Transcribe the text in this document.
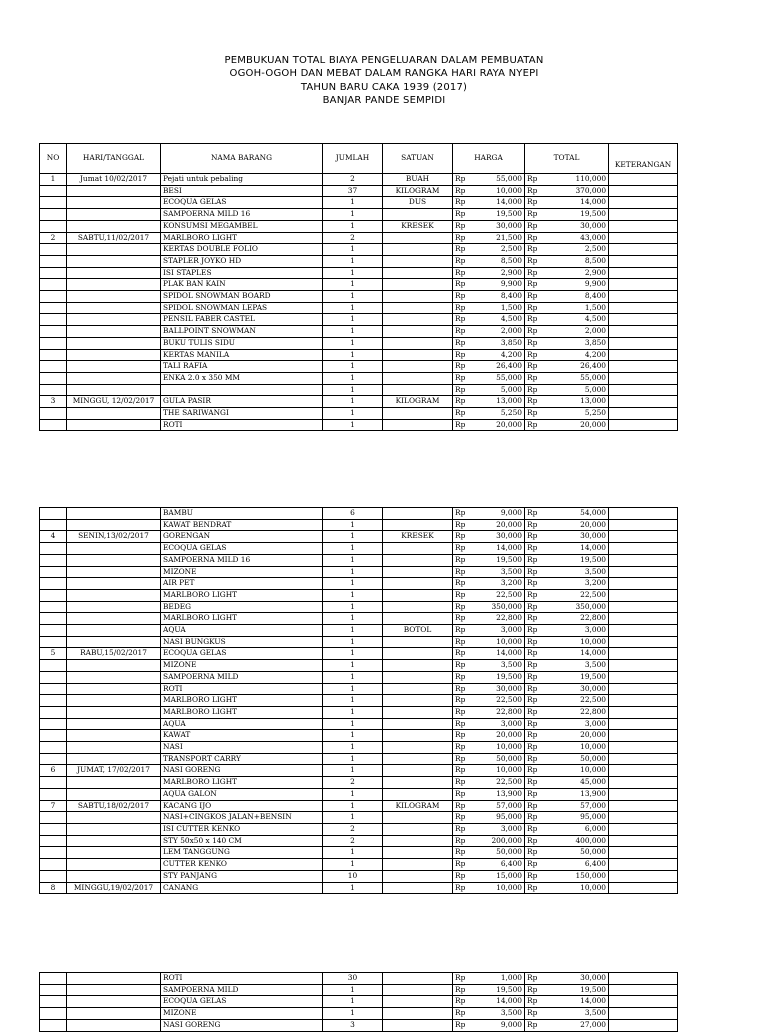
PEMBUKUAN TOTAL BIAYA PENGELUARAN DALAM PEMBUATAN
OGOH-OGOH DAN MEBAT DALAM RANGKA HARI RAYA NYEPI
TAHUN BARU CAKA 1939 (2017)
BANJAR PANDE SEMPIDI
NO	HARI/TANGGAL	NAMA BARANG	JUMLAH	SATUAN	HARGA		TOTAL		KETERANGAN
1	Jumat 10/02/2017	Pejati untuk pebaling	2	BUAH	Rp	55,000	Rp	110,000	
		BESI	37	KILOGRAM	Rp	10,000	Rp	370,000	
		ECOQUA GELAS	1	DUS	Rp	14,000	Rp	14,000	
		SAMPOERNA MILD 16	1		Rp	19,500	Rp	19,500	
		KONSUMSI MEGAMBEL	1	KRESEK	Rp	30,000	Rp	30,000	
2	SABTU,11/02/2017	MARLBORO LIGHT	2		Rp	21,500	Rp	43,000	
		KERTAS DOUBLE FOLIO	1		Rp	2,500	Rp	2,500	
		STAPLER JOYKO HD	1		Rp	8,500	Rp	8,500	
		ISI STAPLES	1		Rp	2,900	Rp	2,900	
		PLAK BAN KAIN	1		Rp	9,900	Rp	9,900	
		SPIDOL SNOWMAN BOARD	1		Rp	8,400	Rp	8,400	
		SPIDOL SNOWMAN LEPAS	1		Rp	1,500	Rp	1,500	
		PENSIL FABER CASTEL	1		Rp	4,500	Rp	4,500	
		BALLPOINT SNOWMAN	1		Rp	2,000	Rp	2,000	
		BUKU TULIS SIDU	1		Rp	3,850	Rp	3,850	
		KERTAS MANILA	1		Rp	4,200	Rp	4,200	
		TALI RAFIA	1		Rp	26,400	Rp	26,400	
		ENKA 2.0 x 350 MM	1		Rp	55,000	Rp	55,000	
			1		Rp	5,000	Rp	5,000	
3	MINGGU, 12/02/2017	GULA PASIR	1	KILOGRAM	Rp	13,000	Rp	13,000	
		THE SARIWANGI	1		Rp	5,250	Rp	5,250	
		ROTI	1		Rp	20,000	Rp	20,000	
		BAMBU	6		Rp	9,000	Rp	54,000	
		KAWAT BENDRAT	1		Rp	20,000	Rp	20,000	
4	SENIN,13/02/2017	GORENGAN	1	KRESEK	Rp	30,000	Rp	30,000	
		ECOQUA GELAS	1		Rp	14,000	Rp	14,000	
		SAMPOERNA MILD 16	1		Rp	19,500	Rp	19,500	
		MIZONE	1		Rp	3,500	Rp	3,500	
		AIR PET	1		Rp	3,200	Rp	3,200	
		MARLBORO LIGHT	1		Rp	22,500	Rp	22,500	
		BEDEG	1		Rp	350,000	Rp	350,000	
		MARLBORO LIGHT	1		Rp	22,800	Rp	22,800	
		AQUA	1	BOTOL	Rp	3,000	Rp	3,000	
		NASI BUNGKUS	1		Rp	10,000	Rp	10,000	
5	RABU,15/02/2017	ECOQUA GELAS	1		Rp	14,000	Rp	14,000	
		MIZONE	1		Rp	3,500	Rp	3,500	
		SAMPOERNA MILD	1		Rp	19,500	Rp	19,500	
		ROTI	1		Rp	30,000	Rp	30,000	
		MARLBORO LIGHT	1		Rp	22,500	Rp	22,500	
		MARLBORO LIGHT	1		Rp	22,800	Rp	22,800	
		AQUA	1		Rp	3,000	Rp	3,000	
		KAWAT	1		Rp	20,000	Rp	20,000	
		NASI	1		Rp	10,000	Rp	10,000	
		TRANSPORT CARRY	1		Rp	50,000	Rp	50,000	
6	JUMAT, 17/02/2017	NASI GORENG	1		Rp	10,000	Rp	10,000	
		MARLBORO LIGHT	2		Rp	22,500	Rp	45,000	
		AQUA GALON	1		Rp	13,900	Rp	13,900	
7	SABTU,18/02/2017	KACANG IJO	1	KILOGRAM	Rp	57,000	Rp	57,000	
		NASI+CINGKOS JALAN+BENSIN	1		Rp	95,000	Rp	95,000	
		ISI CUTTER KENKO	2		Rp	3,000	Rp	6,000	
		STY 50x50 x 140 CM	2		Rp	200,000	Rp	400,000	
		LEM TANGGUNG	1		Rp	50,000	Rp	50,000	
		CUTTER KENKO	1		Rp	6,400	Rp	6,400	
		STY PANJANG	10		Rp	15,000	Rp	150,000	
8	MINGGU,19/02/2017	CANANG	1		Rp	10,000	Rp	10,000	
		ROTI	30		Rp	1,000	Rp	30,000	
		SAMPOERNA MILD	1		Rp	19,500	Rp	19,500	
		ECOQUA GELAS	1		Rp	14,000	Rp	14,000	
		MIZONE	1		Rp	3,500	Rp	3,500	
		NASI GORENG	3		Rp	9,000	Rp	27,000	
